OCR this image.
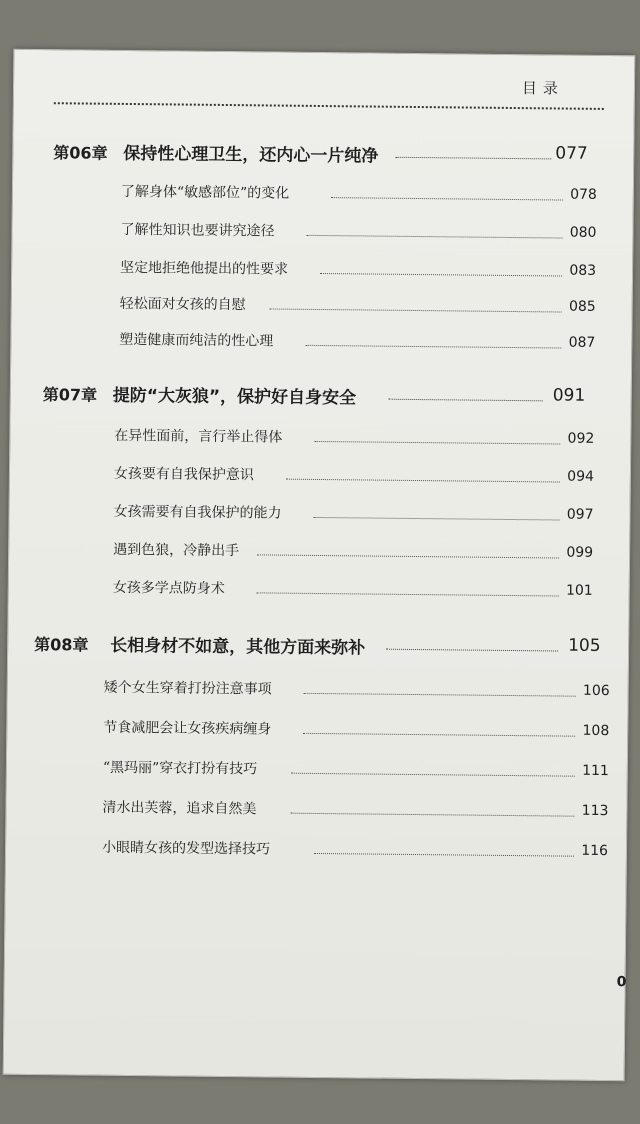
目录
第06章 保持性心理卫生，还内心一片纯净	077
了解身体“敏感部位”的变化	078
了解性知识也要讲究途径	080
坚定地拒绝他提出的性要求	083
轻松面对女孩的自慰	085
塑造健康而纯洁的性心理	087
第07章 提防“大灰狼”，保护好自身安全	091
在异性面前，言行举止得体	092
女孩要有自我保护意识	094
女孩需要有自我保护的能力	097
遇到色狼，冷静出手	099
女孩多学点防身术	101
第08章 长相身材不如意，其他方面来弥补	105
矮个女生穿着打扮注意事项	106
节食减肥会让女孩疾病缠身	108
“黑玛丽”穿衣打扮有技巧	111
清水出芙蓉，追求自然美	113
小眼睛女孩的发型选择技巧	116
0
